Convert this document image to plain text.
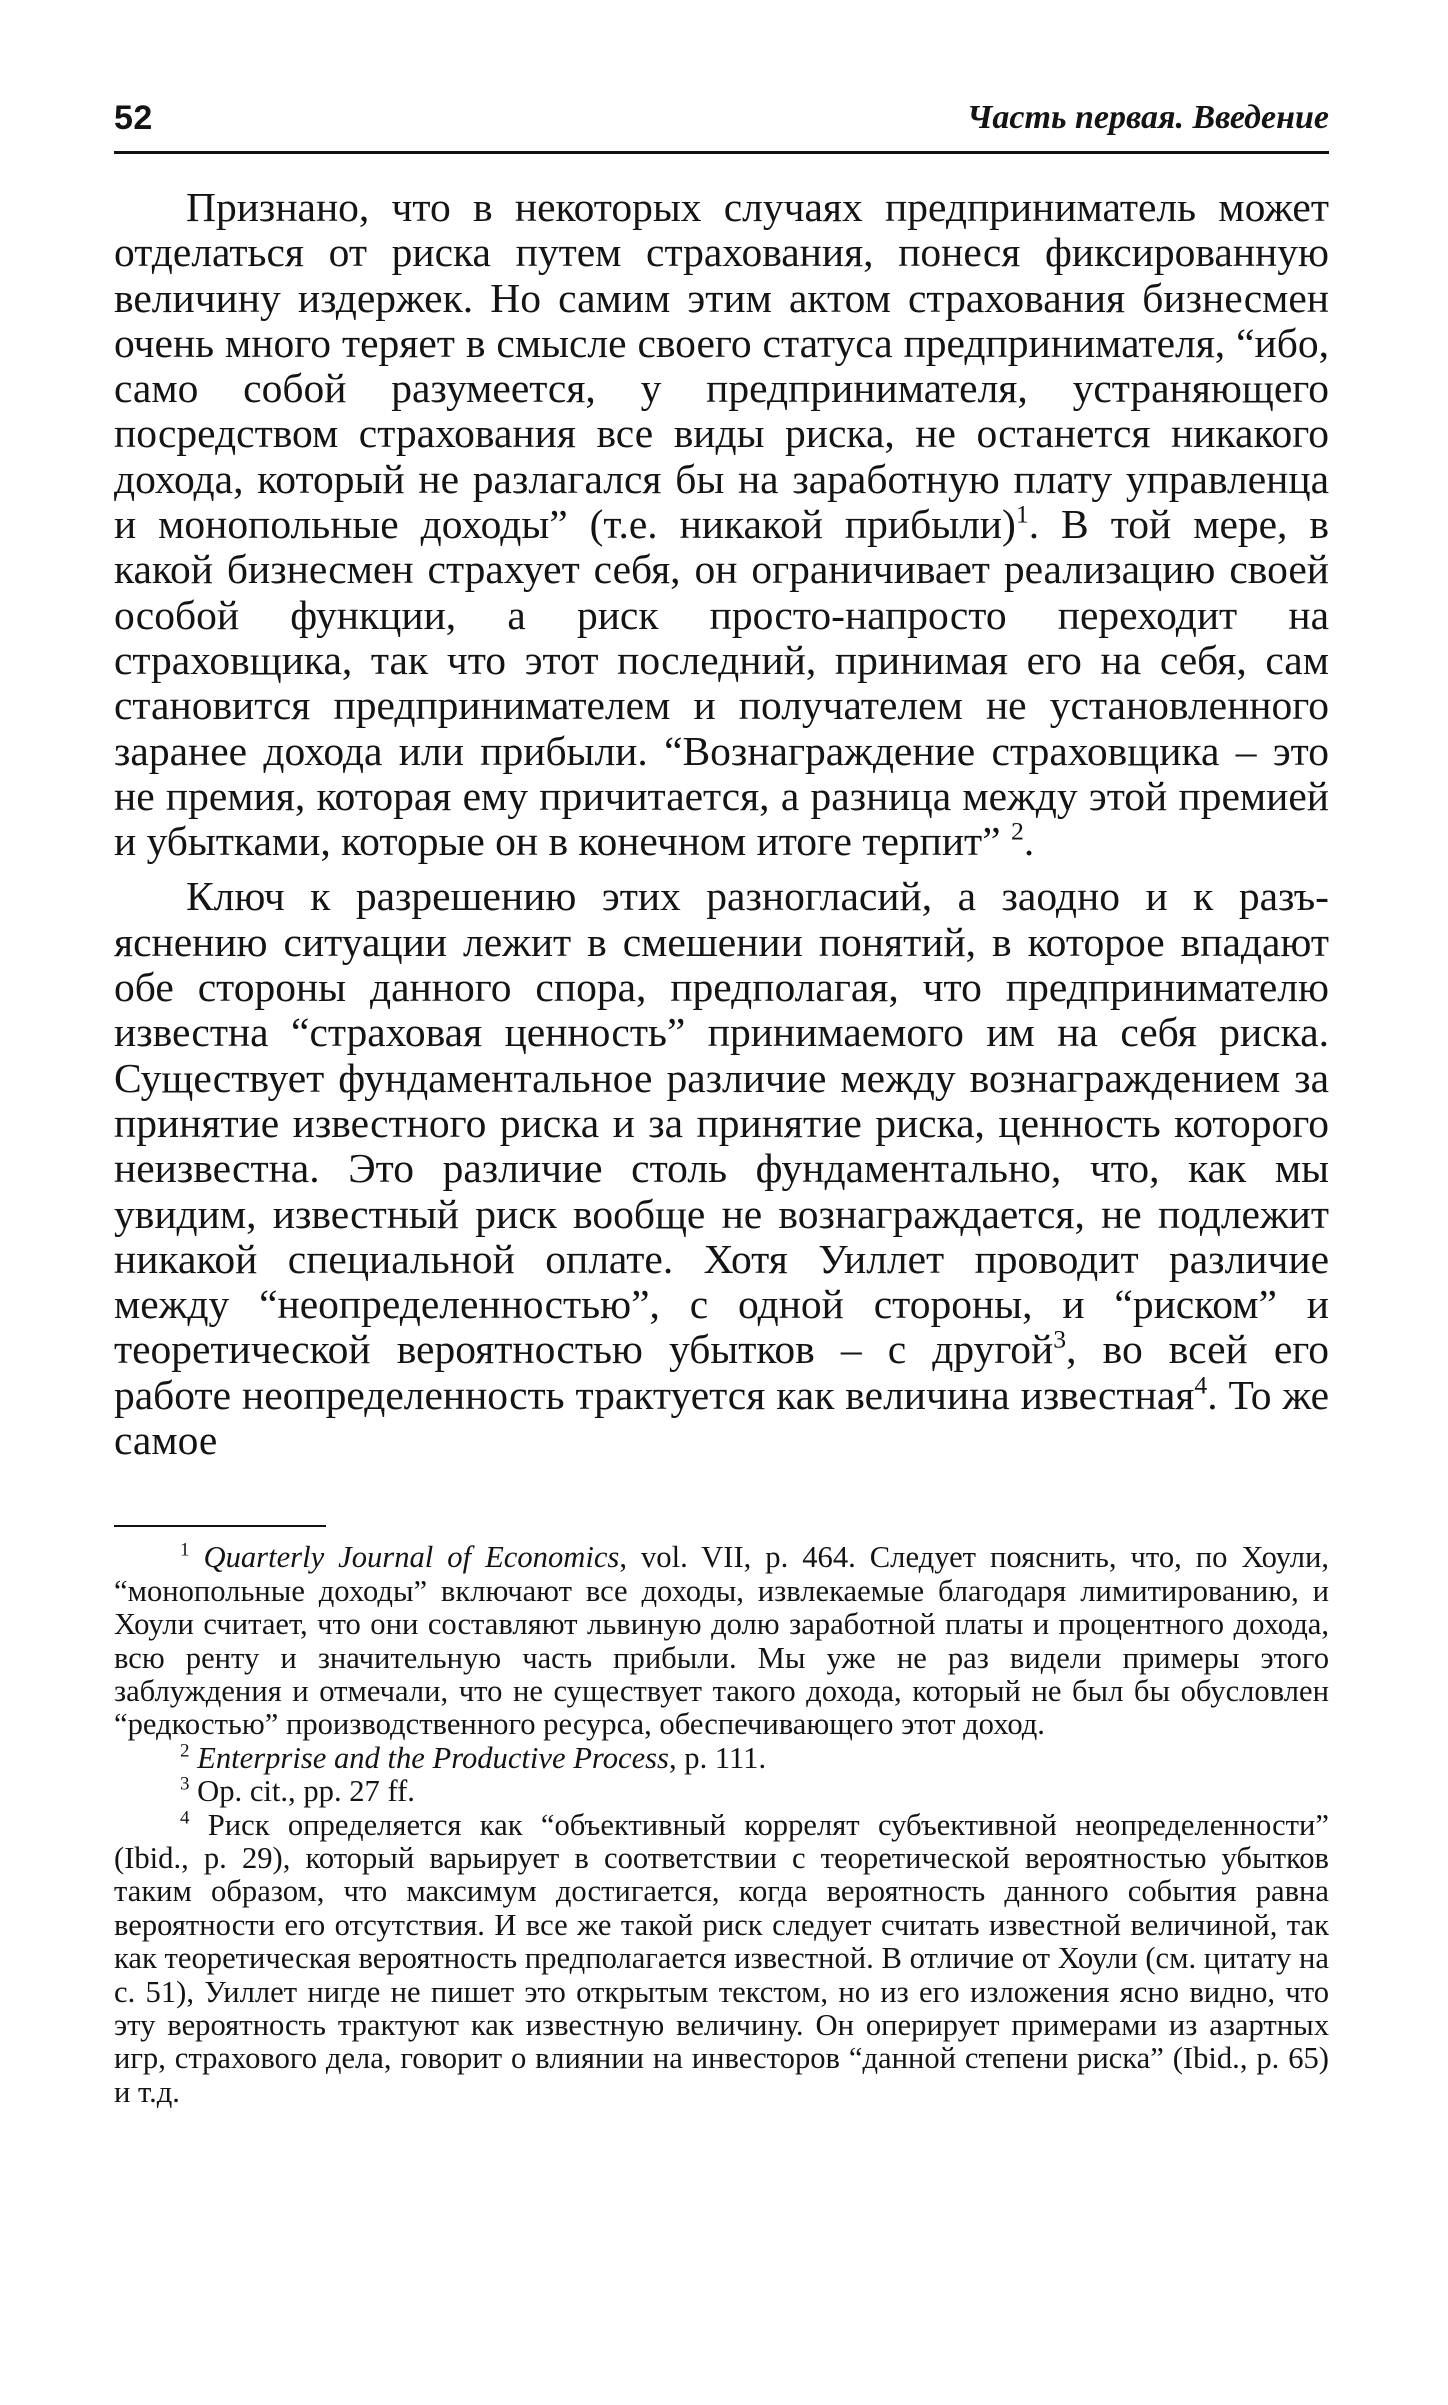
52	Часть первая. Введение

Признано, что в некоторых случаях предприниматель может отделаться от риска путем страхования, понеся фиксированную величину издержек. Но самим этим актом страхования бизнесмен очень много теряет в смысле своего статуса предпринимателя, “ибо, само собой разумеется, у предпринимателя, устраняющего посредством страхования все виды риска, не останется никакого дохода, который не разлагался бы на заработную плату управленца и монопольные доходы” (т.е. никакой прибыли)$^1$. В той мере, в какой бизнесмен страхует себя, он ограничивает реализацию своей особой функции, а риск просто-напросто переходит на страховщика, так что этот последний, принимая его на себя, сам становится предпринимателем и получателем не установленного заранее дохода или прибыли. “Вознаграждение страховщика – это не премия, которая ему причитается, а разница между этой премией и убытками, которые он в конечном итоге терпит” $^2$.

Ключ к разрешению этих разногласий, а заодно и к разъяснению ситуации лежит в смешении понятий, в которое впадают обе стороны данного спора, предполагая, что предпринимателю известна “страховая ценность” принимаемого им на себя риска. Существует фундаментальное различие между вознаграждением за принятие известного риска и за принятие риска, ценность которого неизвестна. Это различие столь фундаментально, что, как мы увидим, известный риск вообще не вознаграждается, не подлежит никакой специальной оплате. Хотя Уиллет проводит различие между “неопределенностью”, с одной стороны, и “риском” и теоретической вероятностью убытков – с другой$^3$, во всей его работе неопределенность трактуется как величина известная$^4$. То же самое

$^1$ Quarterly Journal of Economics, vol. VII, p. 464. Следует пояснить, что, по Хоули, “монопольные доходы” включают все доходы, извлекаемые благодаря лимитированию, и Хоули считает, что они составляют львиную долю заработной платы и процентного дохода, всю ренту и значительную часть прибыли. Мы уже не раз видели примеры этого заблуждения и отмечали, что не существует такого дохода, который не был бы обусловлен “редкостью” производственного ресурса, обеспечивающего этот доход.

$^2$ Enterprise and the Productive Process, p. 111.

$^3$ Op. cit., pp. 27 ff.

$^4$ Риск определяется как “объективный коррелят субъективной неопределенности” (Ibid., p. 29), который варьирует в соответствии с теоретической вероятностью убытков таким образом, что максимум достигается, когда вероятность данного события равна вероятности его отсутствия. И все же такой риск следует считать известной величиной, так как теоретическая вероятность предполагается известной. В отличие от Хоули (см. цитату на с. 51), Уиллет нигде не пишет это открытым текстом, но из его изложения ясно видно, что эту вероятность трактуют как известную величину. Он оперирует примерами из азартных игр, страхового дела, говорит о влиянии на инвесторов “данной степени риска” (Ibid., p. 65) и т.д.
